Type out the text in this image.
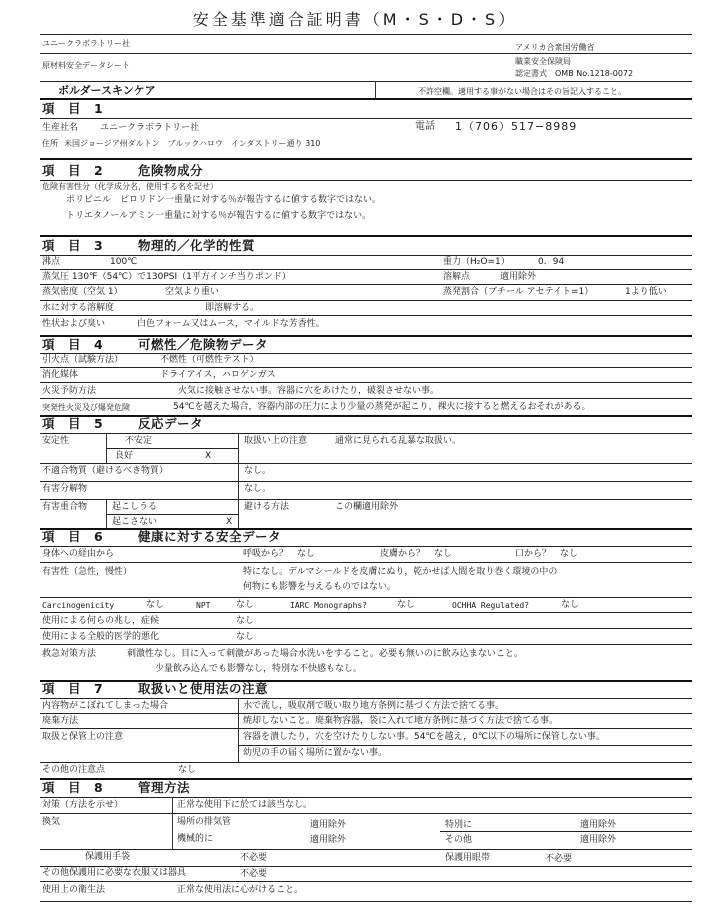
安全基準適合証明書（M・S・D・S）
ユニークラボラトリー社	アメリカ合衆国労働省
職業安全保険局
原材料安全データシート
認定書式　OMB No.1218-0072
ボルダースキンケア	不許空欄。適用する事がない場合はその旨記入すること。
項　目　1
生産社名 ユニークラボラトリー社	電話 1（706）517−8989
住所 米国ジョージア州ダルトン　ブルックハロウ　インダストリー通り 310
項　目　2	危険物成分
危険有害性分（化学成分名，使用する名を記せ）
ポリビニル　ピロリドン一重量に対する％が報告するに値する数字ではない。
トリエタノールアミン一重量に対する％が報告するに値する数字ではない。
項　目　3	物理的／化学的性質
沸点	100℃	重力（H₂O=1）	0．94
蒸気圧 130℉（54℃）で130PSI（1平方インチ当りポンド）	溶解点	適用除外
蒸気密度（空気 1）	空気より重い	蒸発割合（ブチール アセテイト=1）	1より低い
水に対する溶解度	即溶解する。
性状および臭い	白色フォーム又はムース，マイルドな芳香性。
項　目　4	可燃性／危険物データ
引火点（試験方法）	不燃性（可燃性テスト）
消化媒体	ドライアイス，ハロゲンガス
火災予防方法	火気に接触させない事。容器に穴をあけたり，破裂させない事。
突発性火災及び爆発危険	54℃を越えた場合，容器内部の圧力により少量の蒸発が起こり，裸火に接すると燃えるおそれがある。
項　目　5	反応データ
安定性	不安定	取扱い上の注意	通常に見られる乱暴な取扱い。
良好	X
不適合物質（避けるべき物質）	なし。
有害分解物	なし。
有害重合物	起こしうる	避ける方法	この欄適用除外
起こさない	X
項　目　6	健康に対する安全データ
身体への経由から	呼吸から？　なし	皮膚から？　なし	口から？　なし
有害性（急性，慢性）	特になし。デルマシールドを皮膚にぬり，乾かせば人間を取り巻く環境の中の
何物にも影響を与えるものではない。
Carcinogenicity	なし	NPT	なし	IARC Monographs?	なし	OCHHA Regulated?	なし
使用による何らの兆し，症候	なし
使用による全般的医学的悪化	なし
救急対策方法	刺激性なし。目に入って刺激があった場合水洗いをすること。必要も無いのに飲み込まないこと。
少量飲み込んでも影響なし，特別な不快感もなし。
項　目　7	取扱いと使用法の注意
内容物がこぼれてしまった場合	水で流し，吸収剤で吸い取り地方条例に基づく方法で捨てる事。
廃棄方法	焼却しないこと。廃棄物容器，袋に入れて地方条例に基づく方法で捨てる事。
取扱と保管上の注意	容器を潰したり，穴を空けたりしない事。54℃を越え，0℃以下の場所に保管しない事。
幼児の手の届く場所に置かない事。
その他の注意点	なし
項　目　8	管理方法
対策（方法を示せ）	正常な使用下に於ては該当なし。
換気	場所の排気管	適用除外	特別に	適用除外
機械的に	適用除外	その他	適用除外
保護用手袋	不必要	保護用眼帯	不必要
その他保護用に必要な衣服又は器具	不必要
使用上の衛生法	正常な使用法に心がけること。
